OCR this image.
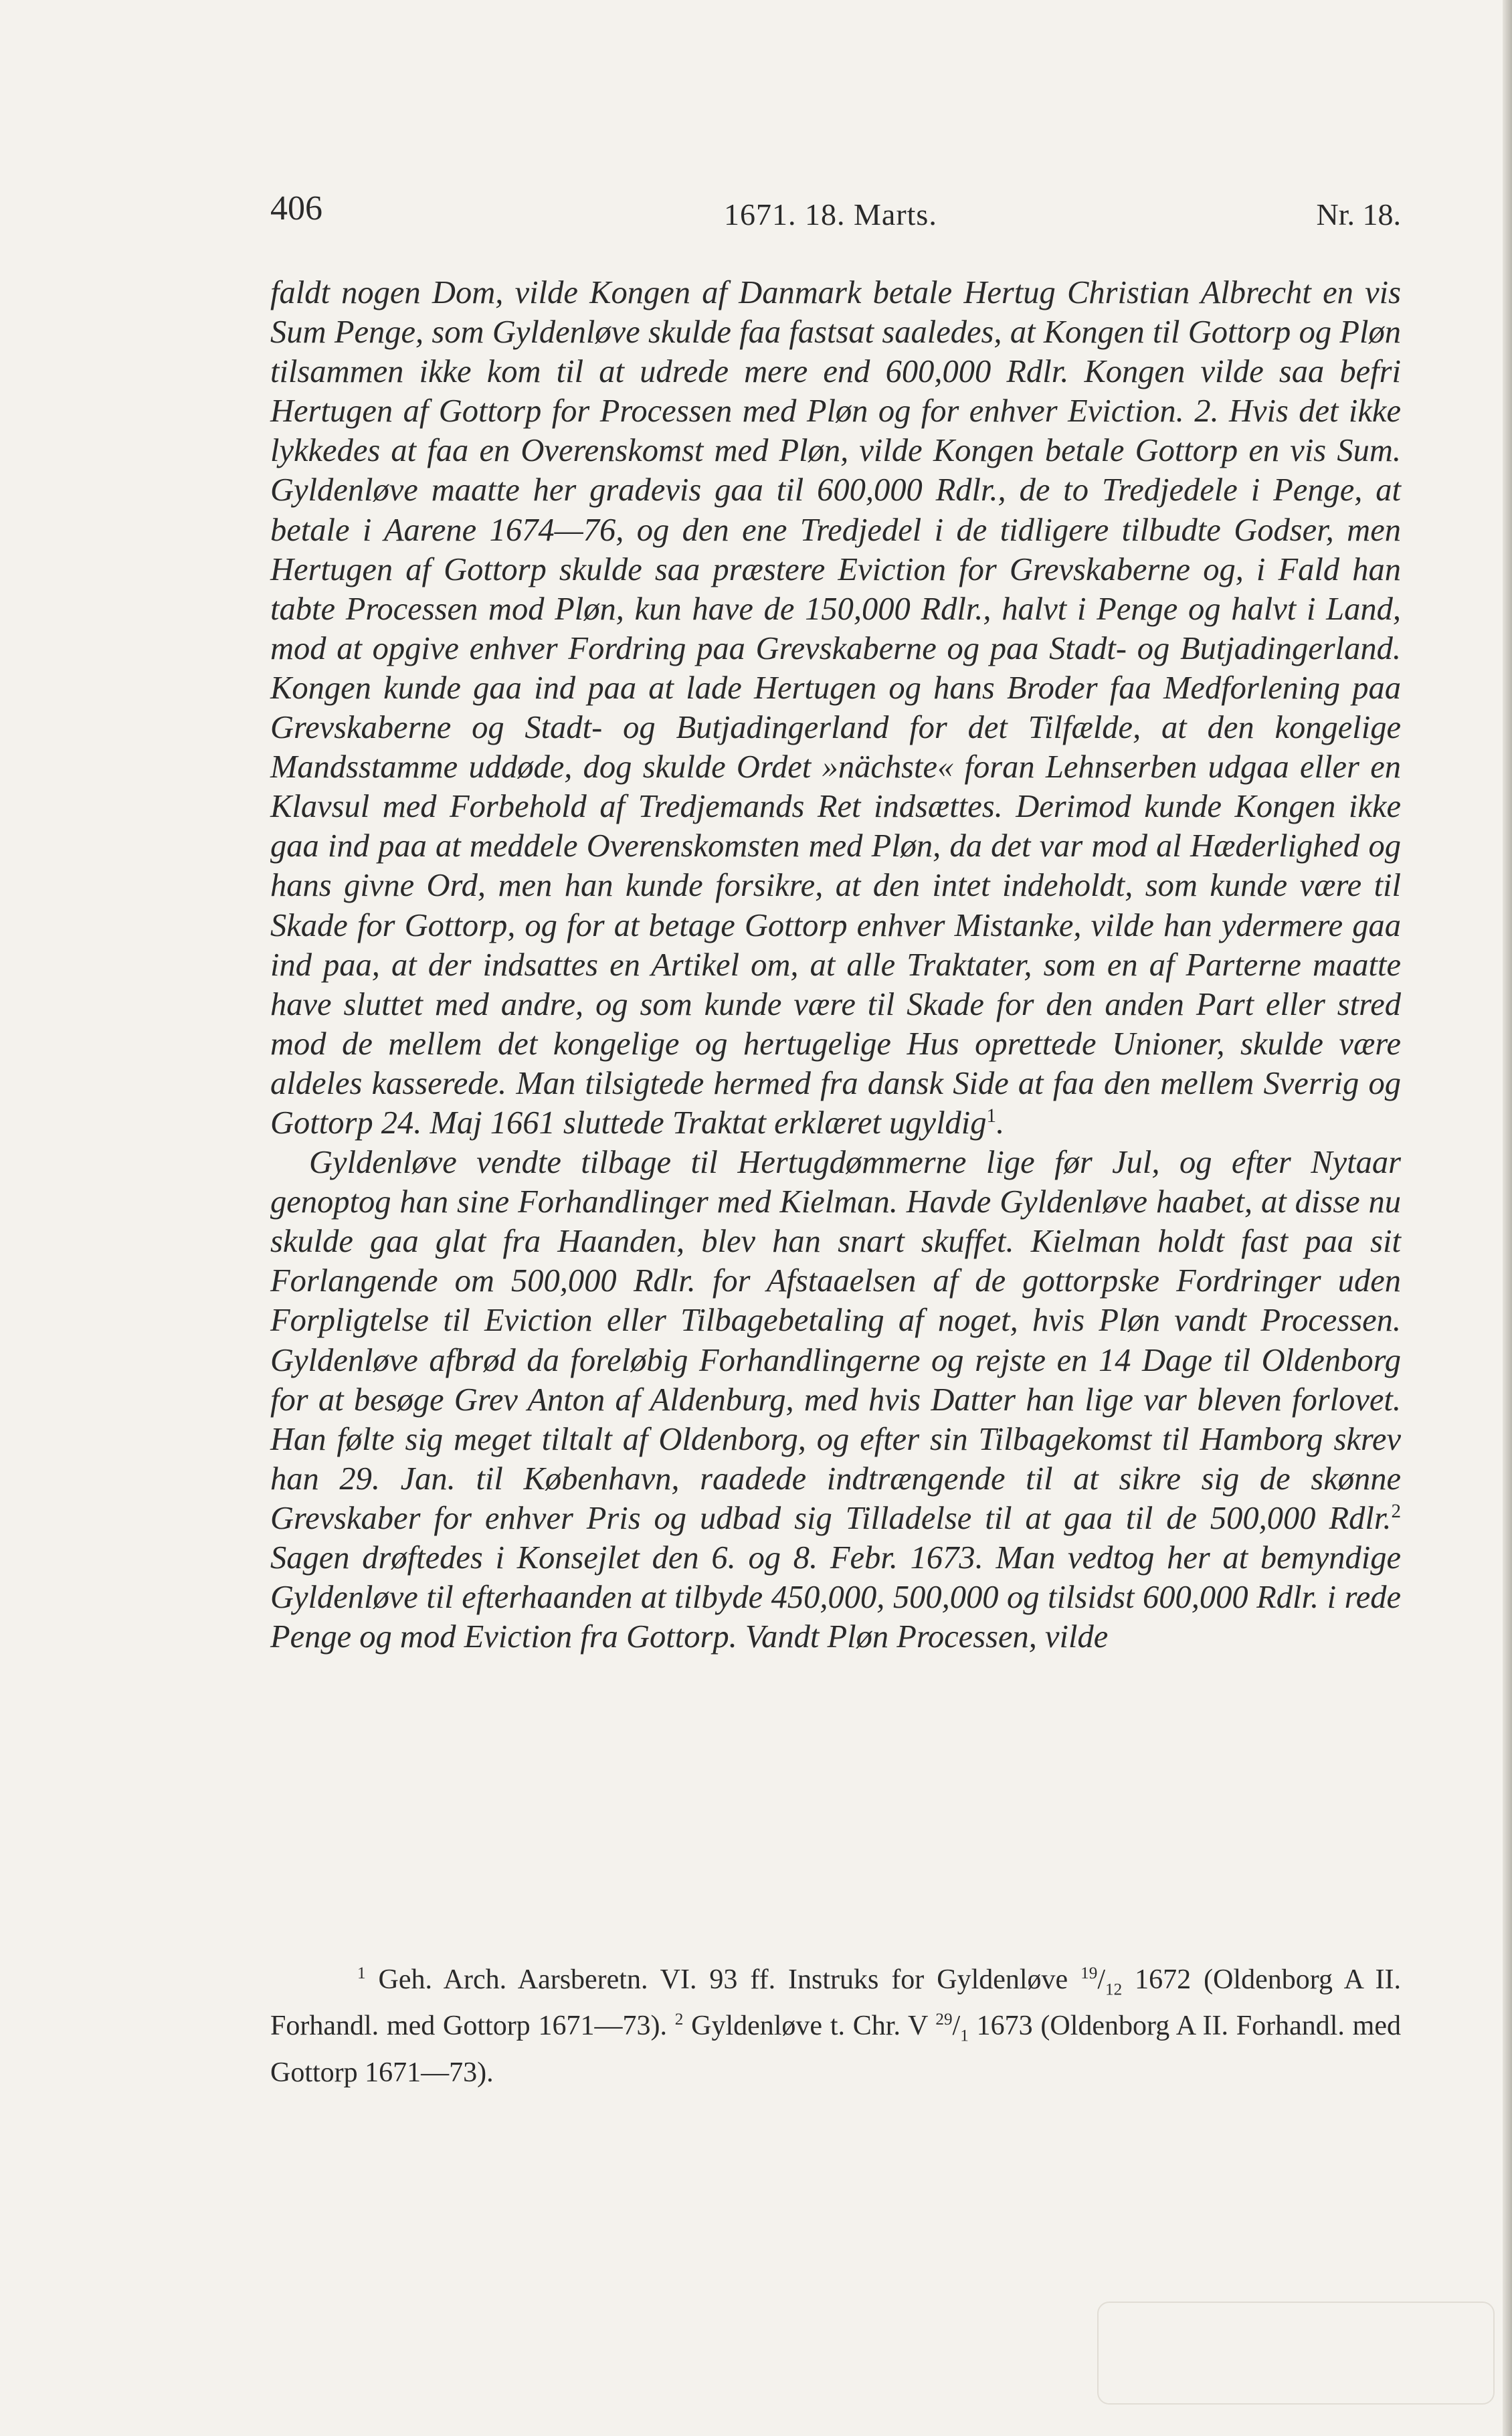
406	1671. 18. Marts.	Nr. 18.

faldt nogen Dom, vilde Kongen af Danmark betale Hertug Christian Albrecht en vis Sum Penge, som Gyldenløve skulde faa fastsat saaledes, at Kongen til Gottorp og Pløn tilsammen ikke kom til at udrede mere end 600,000 Rdlr. Kongen vilde saa befri Hertugen af Gottorp for Processen med Pløn og for enhver Eviction. 2. Hvis det ikke lykkedes at faa en Overenskomst med Pløn, vilde Kongen betale Gottorp en vis Sum. Gyldenløve maatte her gradevis gaa til 600,000 Rdlr., de to Tredjedele i Penge, at betale i Aarene 1674—76, og den ene Tredjedel i de tidligere tilbudte Godser, men Hertugen af Gottorp skulde saa præstere Eviction for Grevskaberne og, i Fald han tabte Processen mod Pløn, kun have de 150,000 Rdlr., halvt i Penge og halvt i Land, mod at opgive enhver Fordring paa Grevskaberne og paa Stadt- og Butjadingerland. Kongen kunde gaa ind paa at lade Hertugen og hans Broder faa Medforlening paa Grevskaberne og Stadt- og Butjadingerland for det Tilfælde, at den kongelige Mandsstamme uddøde, dog skulde Ordet »nächste« foran Lehnserben udgaa eller en Klavsul med Forbehold af Tredjemands Ret indsættes. Derimod kunde Kongen ikke gaa ind paa at meddele Overenskomsten med Pløn, da det var mod al Hæderlighed og hans givne Ord, men han kunde forsikre, at den intet indeholdt, som kunde være til Skade for Gottorp, og for at betage Gottorp enhver Mistanke, vilde han ydermere gaa ind paa, at der indsattes en Artikel om, at alle Traktater, som en af Parterne maatte have sluttet med andre, og som kunde være til Skade for den anden Part eller stred mod de mellem det kongelige og hertugelige Hus oprettede Unioner, skulde være aldeles kasserede. Man tilsigtede hermed fra dansk Side at faa den mellem Sverrig og Gottorp 24. Maj 1661 sluttede Traktat erklæret ugyldig$^1$.

Gyldenløve vendte tilbage til Hertugdømmerne lige før Jul, og efter Nytaar genoptog han sine Forhandlinger med Kielman. Havde Gyldenløve haabet, at disse nu skulde gaa glat fra Haanden, blev han snart skuffet. Kielman holdt fast paa sit Forlangende om 500,000 Rdlr. for Afstaaelsen af de gottorpske Fordringer uden Forpligtelse til Eviction eller Tilbagebetaling af noget, hvis Pløn vandt Processen. Gyldenløve afbrød da foreløbig Forhandlingerne og rejste en 14 Dage til Oldenborg for at besøge Grev Anton af Aldenburg, med hvis Datter han lige var bleven forlovet. Han følte sig meget tiltalt af Oldenborg, og efter sin Tilbagekomst til Hamborg skrev han 29. Jan. til København, raadede indtrængende til at sikre sig de skønne Grevskaber for enhver Pris og udbad sig Tilladelse til at gaa til de 500,000 Rdlr.$^2$ Sagen drøftedes i Konsejlet den 6. og 8. Febr. 1673. Man vedtog her at bemyndige Gyldenløve til efterhaanden at tilbyde 450,000, 500,000 og tilsidst 600,000 Rdlr. i rede Penge og mod Eviction fra Gottorp. Vandt Pløn Processen, vilde

$^1$ Geh. Arch. Aarsberetn. VI. 93 ff. Instruks for Gyldenløve $^{19}/_{12}$ 1672 (Oldenborg A II. Forhandl. med Gottorp 1671—73). $^2$ Gyldenløve t. Chr. V $^{29}/_1$ 1673 (Oldenborg A II. Forhandl. med Gottorp 1671—73).
